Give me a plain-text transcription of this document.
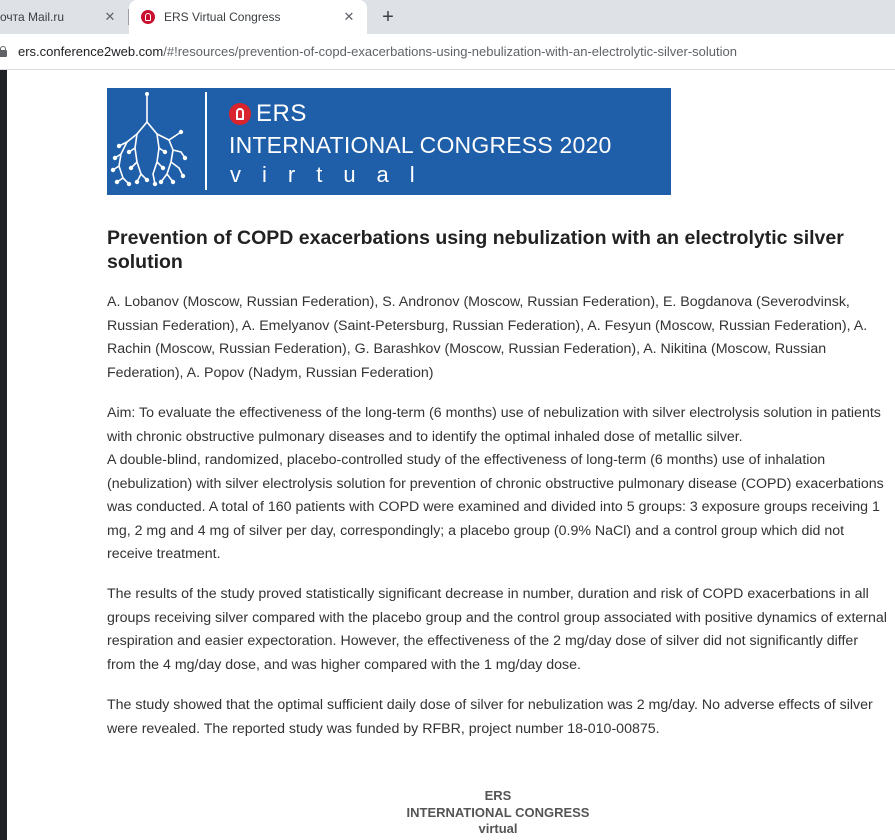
очта Mail.ru	✕	ERS Virtual Congress	✕	+
ers.conference2web.com/#!resources/prevention-of-copd-exacerbations-using-nebulization-with-an-electrolytic-silver-solution
ERS
INTERNATIONAL CONGRESS 2020
virtual
Prevention of COPD exacerbations using nebulization with an electrolytic silver solution

A. Lobanov (Moscow, Russian Federation), S. Andronov (Moscow, Russian Federation), E. Bogdanova (Severodvinsk, Russian Federation), A. Emelyanov (Saint-Petersburg, Russian Federation), A. Fesyun (Moscow, Russian Federation), A. Rachin (Moscow, Russian Federation), G. Barashkov (Moscow, Russian Federation), A. Nikitina (Moscow, Russian Federation), A. Popov (Nadym, Russian Federation)

Aim: To evaluate the effectiveness of the long-term (6 months) use of nebulization with silver electrolysis solution in patients with chronic obstructive pulmonary diseases and to identify the optimal inhaled dose of metallic silver.
A double-blind, randomized, placebo-controlled study of the effectiveness of long-term (6 months) use of inhalation (nebulization) with silver electrolysis solution for prevention of chronic obstructive pulmonary disease (COPD) exacerbations was conducted. A total of 160 patients with COPD were examined and divided into 5 groups: 3 exposure groups receiving 1 mg, 2 mg and 4 mg of silver per day, correspondingly; a placebo group (0.9% NaCl) and a control group which did not receive treatment.

The results of the study proved statistically significant decrease in number, duration and risk of COPD exacerbations in all groups receiving silver compared with the placebo group and the control group associated with positive dynamics of external respiration and easier expectoration. However, the effectiveness of the 2 mg/day dose of silver did not significantly differ from the 4 mg/day dose, and was higher compared with the 1 mg/day dose.

The study showed that the optimal sufficient daily dose of silver for nebulization was 2 mg/day. No adverse effects of silver were revealed. The reported study was funded by RFBR, project number 18-010-00875.

ERS
INTERNATIONAL CONGRESS
virtual
